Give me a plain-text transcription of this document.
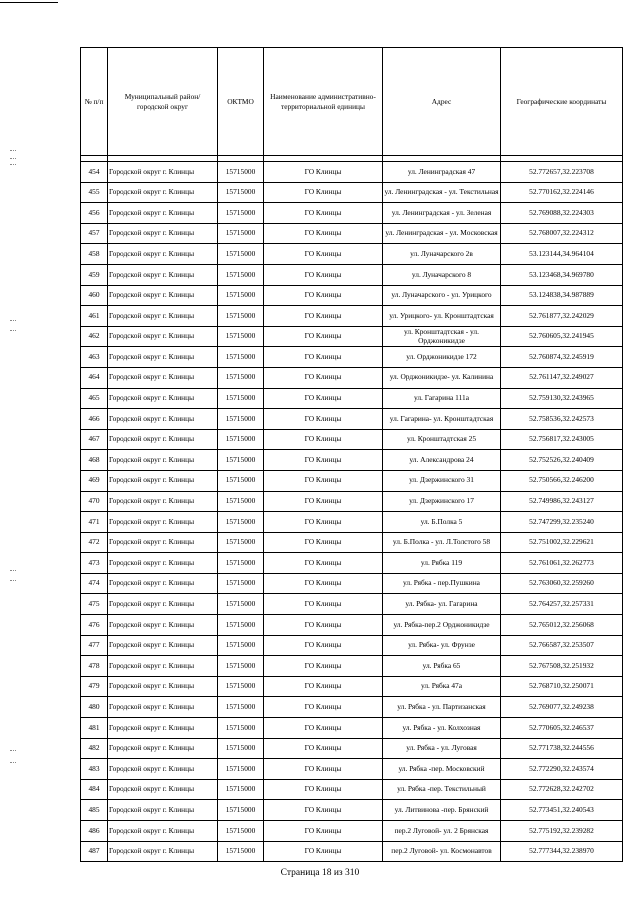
№ п/п	Муниципальный район/городской округ	ОКТМО	Наименование административно-территориальной единицы	Адрес	Географические координаты

454	Городской округ г. Клинцы	15715000	ГО Клинцы	ул. Ленинградская 47	52.772657,32.223708
455	Городской округ г. Клинцы	15715000	ГО Клинцы	ул. Ленинградская - ул. Текстильная	52.770162,32.224146
456	Городской округ г. Клинцы	15715000	ГО Клинцы	ул. Ленинградская - ул. Зеленая	52.769088,32.224303
457	Городской округ г. Клинцы	15715000	ГО Клинцы	ул. Ленинградская - ул. Московская	52.768007,32.224312
458	Городской округ г. Клинцы	15715000	ГО Клинцы	ул. Луначарского 2в	53.123144,34.964104
459	Городской округ г. Клинцы	15715000	ГО Клинцы	ул. Луначарского 8	53.123468,34.969780
460	Городской округ г. Клинцы	15715000	ГО Клинцы	ул. Луначарского - ул. Урицкого	53.124838,34.987889
461	Городской округ г. Клинцы	15715000	ГО Клинцы	ул. Урицкого- ул. Кронштадтская	52.761877,32.242029
462	Городской округ г. Клинцы	15715000	ГО Клинцы	ул. Кронштадтская - ул. Орджоникидзе	52.760605,32.241945
463	Городской округ г. Клинцы	15715000	ГО Клинцы	ул. Орджоникидзе 172	52.760874,32.245919
464	Городской округ г. Клинцы	15715000	ГО Клинцы	ул. Орджоникидзе- ул. Калинина	52.761147,32.249027
465	Городской округ г. Клинцы	15715000	ГО Клинцы	ул. Гагарина 111а	52.759130,32.243965
466	Городской округ г. Клинцы	15715000	ГО Клинцы	ул. Гагарина- ул. Кронштадтская	52.758536,32.242573
467	Городской округ г. Клинцы	15715000	ГО Клинцы	ул. Кронштадтская 25	52.756817,32.243005
468	Городской округ г. Клинцы	15715000	ГО Клинцы	ул. Александрова 24	52.752526,32.240409
469	Городской округ г. Клинцы	15715000	ГО Клинцы	ул. Дзержинского 31	52.750566,32.246200
470	Городской округ г. Клинцы	15715000	ГО Клинцы	ул. Дзержинского 17	52.749986,32.243127
471	Городской округ г. Клинцы	15715000	ГО Клинцы	ул. Б.Полка 5	52.747299,32.235240
472	Городской округ г. Клинцы	15715000	ГО Клинцы	ул. Б.Полка - ул. Л.Толстого 58	52.751002,32.229621
473	Городской округ г. Клинцы	15715000	ГО Клинцы	ул. Рябка 119	52.761061,32.262773
474	Городской округ г. Клинцы	15715000	ГО Клинцы	ул. Рябка - пер.Пушкина	52.763060,32.259260
475	Городской округ г. Клинцы	15715000	ГО Клинцы	ул. Рябка- ул. Гагарина	52.764257,32.257331
476	Городской округ г. Клинцы	15715000	ГО Клинцы	ул. Рябка-пер.2 Орджоникидзе	52.765012,32.256068
477	Городской округ г. Клинцы	15715000	ГО Клинцы	ул. Рябка- ул. Фрунзе	52.766587,32.253507
478	Городской округ г. Клинцы	15715000	ГО Клинцы	ул. Рябка 65	52.767508,32.251932
479	Городской округ г. Клинцы	15715000	ГО Клинцы	ул. Рябка 47а	52.768710,32.250071
480	Городской округ г. Клинцы	15715000	ГО Клинцы	ул. Рябка - ул. Партизанская	52.769077,32.249238
481	Городской округ г. Клинцы	15715000	ГО Клинцы	ул. Рябка - ул. Колхозная	52.770605,32.246537
482	Городской округ г. Клинцы	15715000	ГО Клинцы	ул. Рябка - ул. Луговая	52.771738,32.244556
483	Городской округ г. Клинцы	15715000	ГО Клинцы	ул. Рябка -пер. Московский	52.772290,32.243574
484	Городской округ г. Клинцы	15715000	ГО Клинцы	ул. Рябка -пер. Текстильный	52.772628,32.242702
485	Городской округ г. Клинцы	15715000	ГО Клинцы	ул. Литвинова -пер. Брянский	52.773451,32.240543
486	Городской округ г. Клинцы	15715000	ГО Клинцы	пер.2 Луговой- ул. 2 Брянская	52.775192,32.239282
487	Городской округ г. Клинцы	15715000	ГО Клинцы	пер.2 Луговой- ул. Космонавтов	52.777344,32.238970
Страница 18 из 310
